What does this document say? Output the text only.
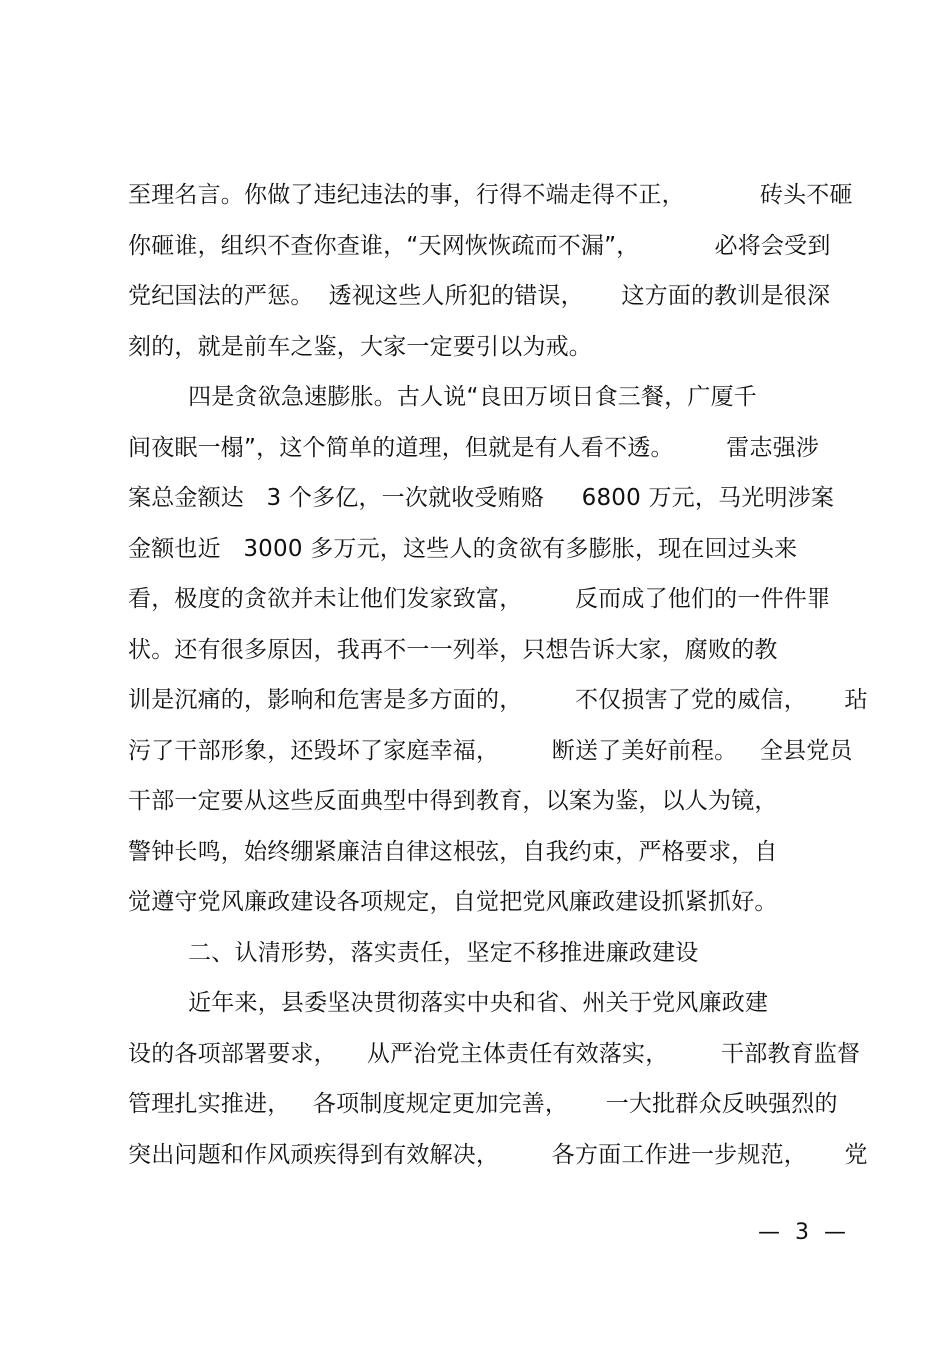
至理名言。你做了违纪违法的事，行得不端走得不正，          砖头不砸
你砸谁，组织不查你查谁，“天网恢恢疏而不漏”，          必将会受到
党纪国法的严惩。  透视这些人所犯的错误，     这方面的教训是很深
刻的，就是前车之鉴，大家一定要引以为戒。
四是贪欲急速膨胀。古人说“良田万顷日食三餐，广厦千
间夜眠一榻”，这个简单的道理，但就是有人看不透。       雷志强涉
案总金额达   3 个多亿，一次就收受贿赂     6800 万元，马光明涉案
金额也近   3000 多万元，这些人的贪欲有多膨胀，现在回过头来
看，极度的贪欲并未让他们发家致富，       反而成了他们的一件件罪
状。还有很多原因，我再不一一列举，只想告诉大家，腐败的教
训是沉痛的，影响和危害是多方面的，       不仅损害了党的威信，     玷
污了干部形象，还毁坏了家庭幸福，       断送了美好前程。   全县党员
干部一定要从这些反面典型中得到教育，以案为鉴，以人为镜，
警钟长鸣，始终绷紧廉洁自律这根弦，自我约束，严格要求，自
觉遵守党风廉政建设各项规定，自觉把党风廉政建设抓紧抓好。
二、认清形势，落实责任，坚定不移推进廉政建设
近年来，县委坚决贯彻落实中央和省、州关于党风廉政建
设的各项部署要求，    从严治党主体责任有效落实，       干部教育监督
管理扎实推进，   各项制度规定更加完善，     一大批群众反映强烈的
突出问题和作风顽疾得到有效解决，       各方面工作进一步规范，     党
— 3 —
